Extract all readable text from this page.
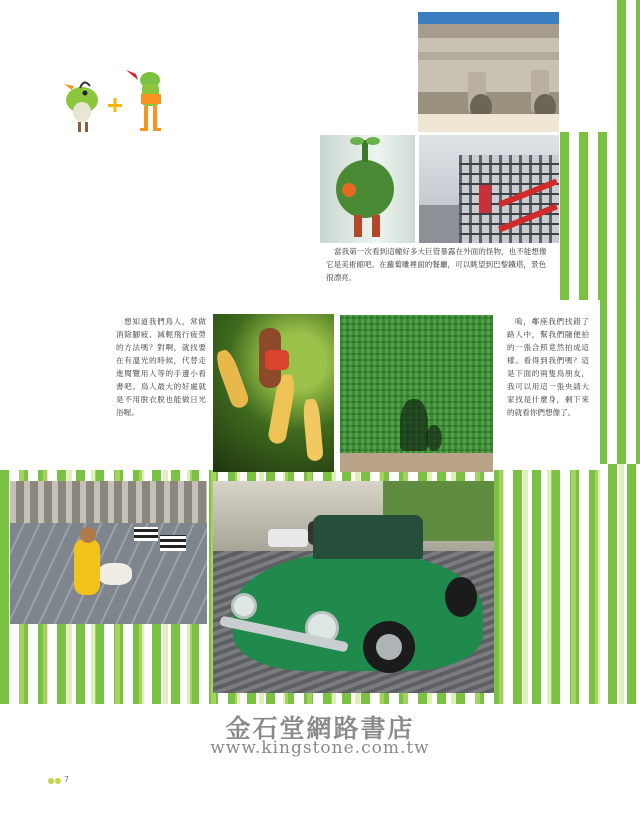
當我第一次看到這幢好多大巨管暴露在外面的怪物，也不能想像它是美術館吧。在蘿蔔雕裡面的餐廳，可以眺望到巴黎鐵塔，景色很漂亮。

想知道我們鳥人，常做消除腳疲、減輕飛行疲勞的方法嗎？對啊，就找要在有溫光的時候，代替走進閱覽用人等的手邊小看書吧。鳥人最大的好處就是不用脫衣脫也能做日光浴喔。

嗚，鄰座我們找錯了路人中，幫我們隨便拍的一張合照竟然拍成這樣。看得到我們嗎？這是下面的兩隻鳥朋友，我可以用這一張央請大家找是什麼身，剩下來的就看你們想像了。

金石堂網路書店
www.kingstone.com.tw
7
